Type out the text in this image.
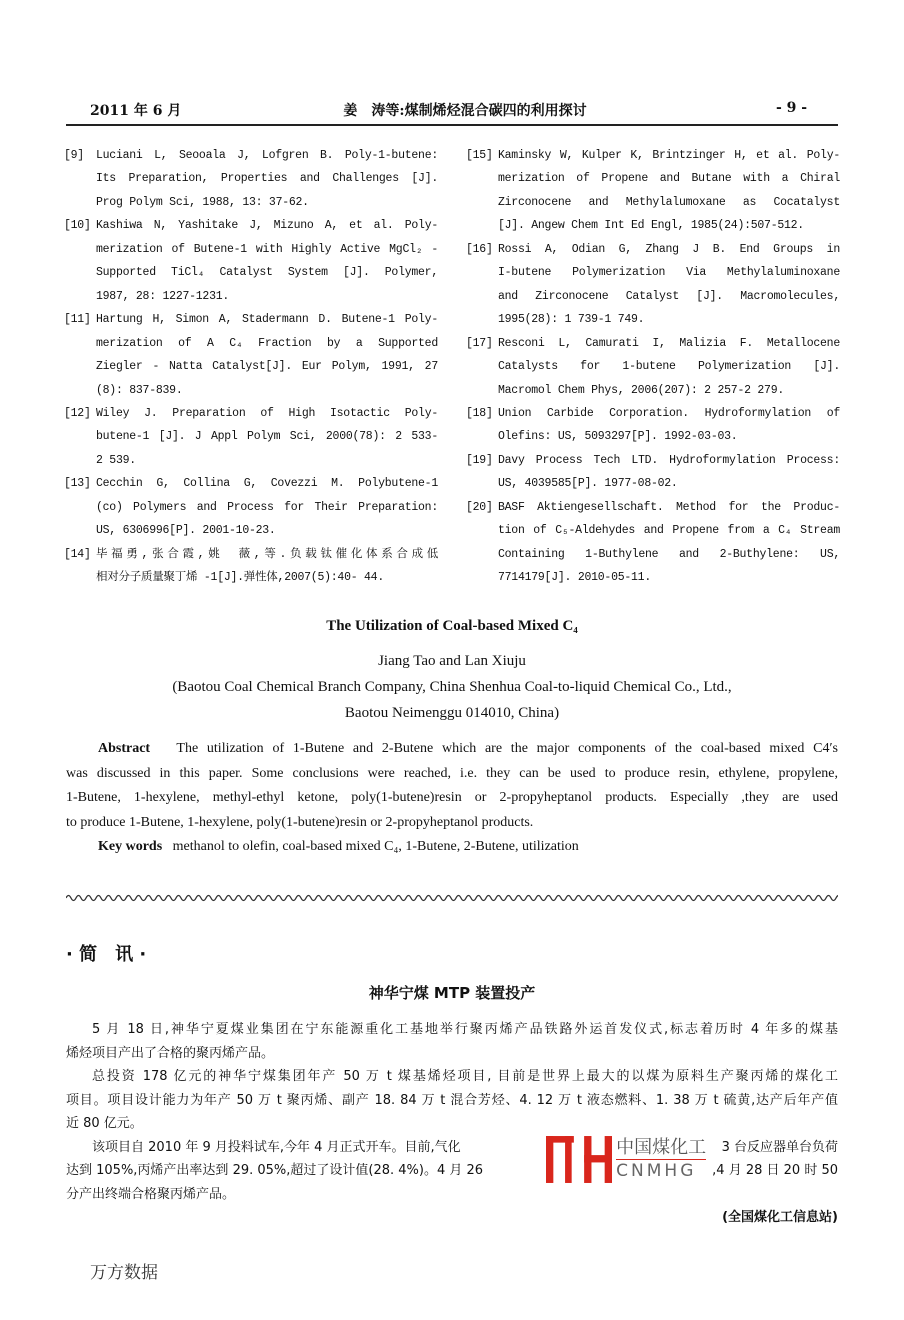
2011 年 6 月	姜　涛等:煤制烯烃混合碳四的利用探讨	- 9 -
[9]	Luciani L, Seooala J, Lofgren B. Poly-1-butene:
Its Preparation, Properties and Challenges [J].
Prog Polym Sci, 1988, 13: 37-62.
[10] Kashiwa N, Yashitake J, Mizuno A, et al. Poly-
merization of Butene-1 with Highly Active MgCl₂ -
Supported TiCl₄ Catalyst System [J]. Polymer,
1987, 28: 1227-1231.
[11] Hartung H, Simon A, Stadermann D. Butene-1 Poly-
merization of A C₄ Fraction by a Supported
Ziegler - Natta Catalyst[J]. Eur Polym, 1991, 27
(8): 837-839.
[12] Wiley J. Preparation of High Isotactic Poly-
butene-1 [J]. J Appl Polym Sci, 2000(78): 2 533-
2 539.
[13] Cecchin G, Collina G, Covezzi M. Polybutene-1
(co) Polymers and Process for Their Preparation:
US, 6306996[P]. 2001-10-23.
[14] 毕福勇,张合霞,姚　薇,等.负载钛催化体系合成低
相对分子质量聚丁烯 -1[J].弹性体,2007(5):40- 44.
[15] Kaminsky W, Kulper K, Brintzinger H, et al. Poly-
merization of Propene and Butane with a Chiral
Zirconocene and Methylalumoxane as Cocatalyst
[J]. Angew Chem Int Ed Engl, 1985(24):507-512.
[16] Rossi A, Odian G, Zhang J B. End Groups in
I-butene Polymerization Via Methylaluminoxane
and Zirconocene Catalyst [J]. Macromolecules,
1995(28): 1 739-1 749.
[17] Resconi L, Camurati I, Malizia F. Metallocene
Catalysts for 1-butene Polymerization [J].
Macromol Chem Phys, 2006(207): 2 257-2 279.
[18] Union Carbide Corporation. Hydroformylation of
Olefins: US, 5093297[P]. 1992-03-03.
[19] Davy Process Tech LTD. Hydroformylation Process:
US, 4039585[P]. 1977-08-02.
[20] BASF Aktiengesellschaft. Method for the Produc-
tion of C₅-Aldehydes and Propene from a C₄ Stream
Containing 1-Buthylene and 2-Buthylene: US,
7714179[J]. 2010-05-11.
The Utilization of Coal-based Mixed C₄
Jiang Tao and Lan Xiuju
(Baotou Coal Chemical Branch Company, China Shenhua Coal-to-liquid Chemical Co., Ltd.,
Baotou Neimenggu 014010, China)
Abstract The utilization of 1-Butene and 2-Butene which are the major components of the coal-based mixed C4′s
was discussed in this paper. Some conclusions were reached, i.e. they can be used to produce resin, ethylene, propylene,
1-Butene, 1-hexylene, methyl-ethyl ketone, poly(1-butene)resin or 2-propyheptanol products. Especially ,they are used
to produce 1-Butene, 1-hexylene, poly(1-butene)resin or 2-propyheptanol products.
Key words methanol to olefin, coal-based mixed C₄, 1-Butene, 2-Butene, utilization
· 简　讯 ·
神华宁煤 MTP 装置投产
5 月 18 日,神华宁夏煤业集团在宁东能源重化工基地举行聚丙烯产品铁路外运首发仪式,标志着历时 4 年多的煤基
烯烃项目产出了合格的聚丙烯产品。
总投资 178 亿元的神华宁煤集团年产 50 万 t 煤基烯烃项目, 目前是世界上最大的以煤为原料生产聚丙烯的煤化工
项目。项目设计能力为年产 50 万 t 聚丙烯、副产 18. 84 万 t 混合芳烃、4. 12 万 t 液态燃料、1. 38 万 t 硫黄,达产后年产值
近 80 亿元。
该项目自 2010 年 9 月投料试车,今年 4 月正式开车。目前,气化
达到 105%,丙烯产出率达到 29. 05%,超过了设计值(28. 4%)。4 月 26
中国煤化工
CNMHG
3 台反应器单台负荷
,4 月 28 日 20 时 50
分产出终端合格聚丙烯产品。
(全国煤化工信息站)
万方数据
